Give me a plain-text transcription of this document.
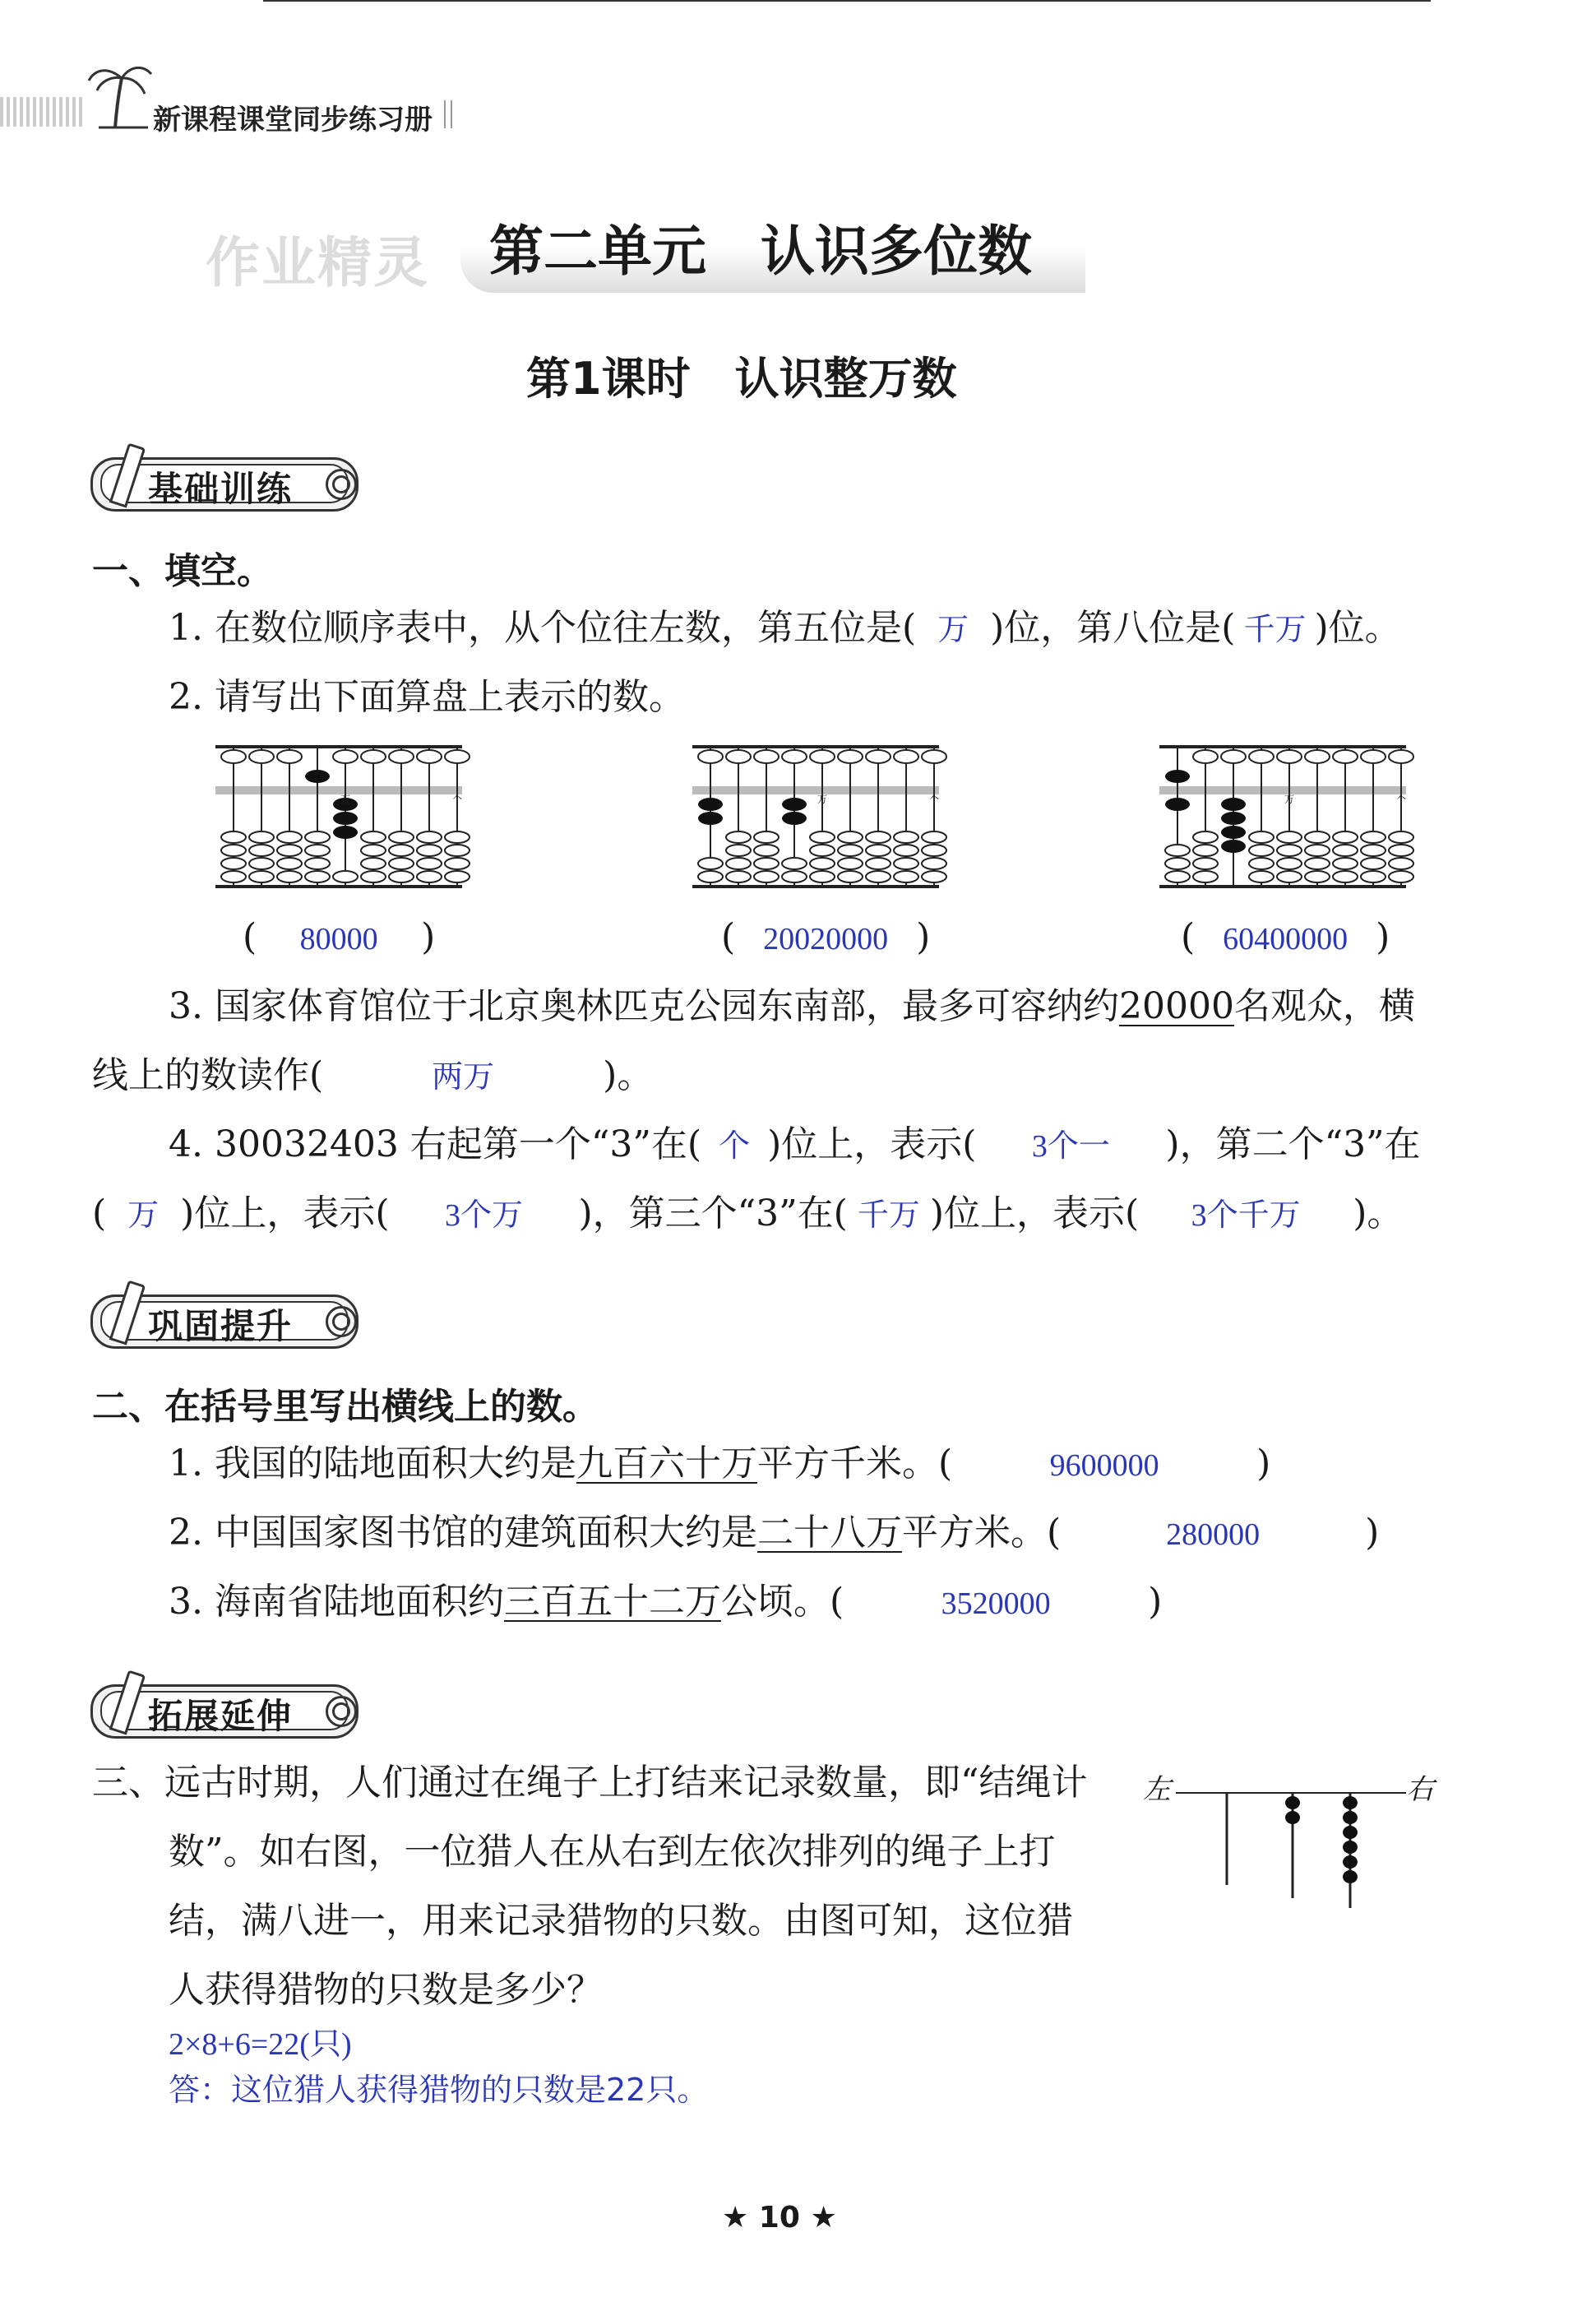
新课程课堂同步练习册
作业精灵 第二单元　认识多位数
第1课时　认识整万数
基础训练
一、填空。
1. 在数位顺序表中，从个位往左数，第五位是( 万 )位，第八位是( 千万 )位。
2. 请写出下面算盘上表示的数。
万	个	万	个	万	个
( 80000 )	( 20020000 )	( 60400000 )
3. 国家体育馆位于北京奥林匹克公园东南部，最多可容纳约20000名观众，横
线上的数读作(	两万	)。
4. 30032403 右起第一个“3”在( 个 )位上，表示( 3个一 )，第二个“3”在
( 万 )位上，表示( 3个万 )，第三个“3”在( 千万 )位上，表示( 3个千万 )。
巩固提升
二、在括号里写出横线上的数。
1. 我国的陆地面积大约是九百六十万平方千米。(	9600000	)
2. 中国国家图书馆的建筑面积大约是二十八万平方米。(	280000	)
3. 海南省陆地面积约三百五十二万公顷。(	3520000	)
拓展延伸
三、远古时期，人们通过在绳子上打结来记录数量，即“结绳计
数”。如右图，一位猎人在从右到左依次排列的绳子上打
结，满八进一，用来记录猎物的只数。由图可知，这位猎
人获得猎物的只数是多少？
左	右
2×8+6=22(只)
答：这位猎人获得猎物的只数是22只。
★ 10 ★
